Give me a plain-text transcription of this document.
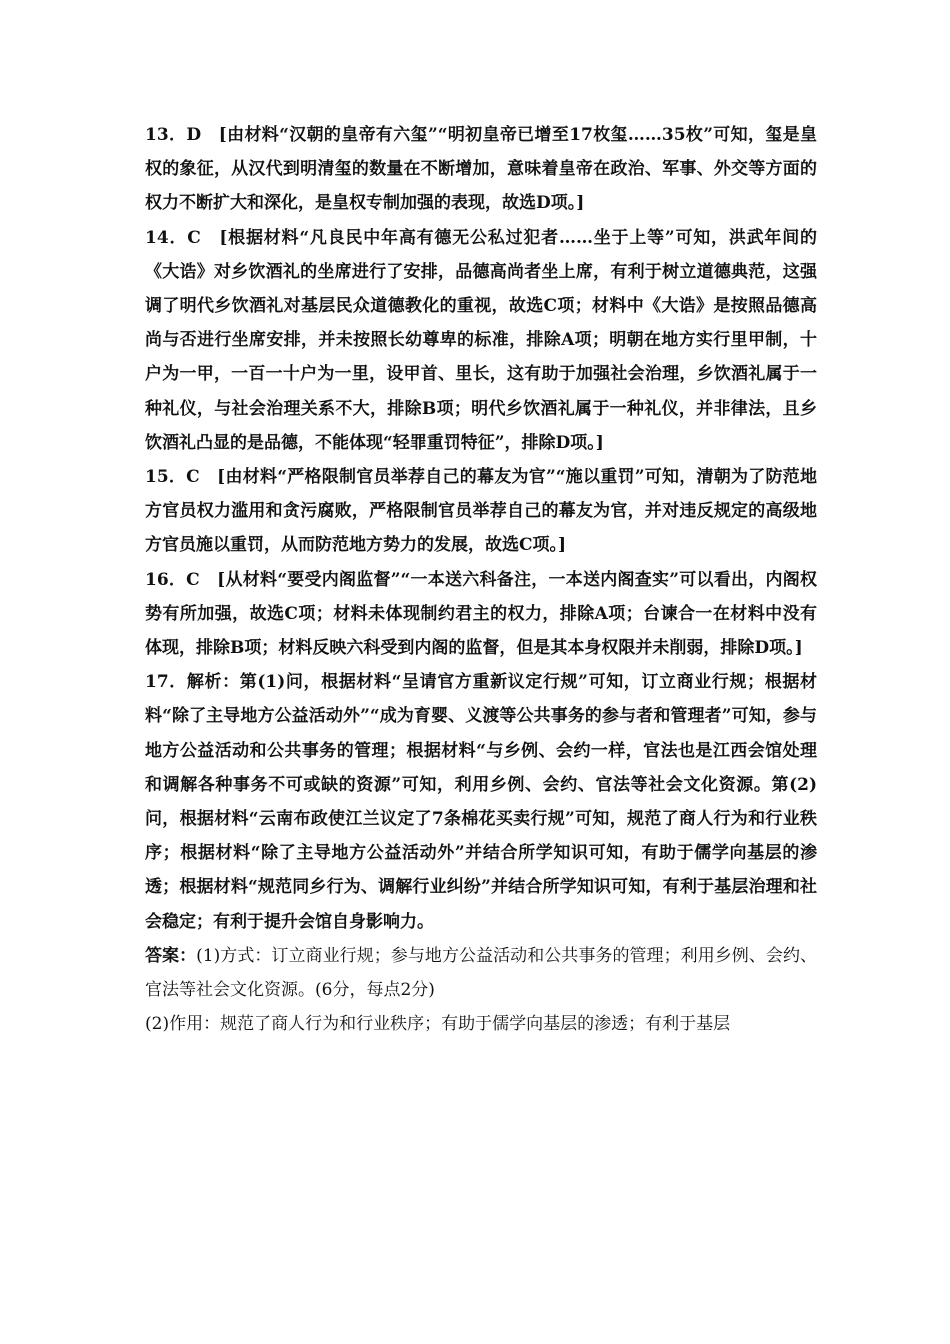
13．D　[由材料“汉朝的皇帝有六玺”“明初皇帝已增至17枚玺……35枚”可知，玺是皇权的象征，从汉代到明清玺的数量在不断增加，意味着皇帝在政治、军事、外交等方面的权力不断扩大和深化，是皇权专制加强的表现，故选D项。]

14．C　[根据材料“凡良民中年高有德无公私过犯者……坐于上等”可知，洪武年间的《大诰》对乡饮酒礼的坐席进行了安排，品德高尚者坐上席，有利于树立道德典范，这强调了明代乡饮酒礼对基层民众道德教化的重视，故选C项；材料中《大诰》是按照品德高尚与否进行坐席安排，并未按照长幼尊卑的标准，排除A项；明朝在地方实行里甲制，十户为一甲，一百一十户为一里，设甲首、里长，这有助于加强社会治理，乡饮酒礼属于一种礼仪，与社会治理关系不大，排除B项；明代乡饮酒礼属于一种礼仪，并非律法，且乡饮酒礼凸显的是品德，不能体现“轻罪重罚特征”，排除D项。]

15．C　[由材料“严格限制官员举荐自己的幕友为官”“施以重罚”可知，清朝为了防范地方官员权力滥用和贪污腐败，严格限制官员举荐自己的幕友为官，并对违反规定的高级地方官员施以重罚，从而防范地方势力的发展，故选C项。]

16．C　[从材料“要受内阁监督”“一本送六科备注，一本送内阁查实”可以看出，内阁权势有所加强，故选C项；材料未体现制约君主的权力，排除A项；台谏合一在材料中没有体现，排除B项；材料反映六科受到内阁的监督，但是其本身权限并未削弱，排除D项。]

17．解析：第(1)问，根据材料“呈请官方重新议定行规”可知，订立商业行规；根据材料“除了主导地方公益活动外”“成为育婴、义渡等公共事务的参与者和管理者”可知，参与地方公益活动和公共事务的管理；根据材料“与乡例、会约一样，官法也是江西会馆处理和调解各种事务不可或缺的资源”可知，利用乡例、会约、官法等社会文化资源。第(2)问，根据材料“云南布政使江兰议定了7条棉花买卖行规”可知，规范了商人行为和行业秩序；根据材料“除了主导地方公益活动外”并结合所学知识可知，有助于儒学向基层的渗透；根据材料“规范同乡行为、调解行业纠纷”并结合所学知识可知，有利于基层治理和社会稳定；有利于提升会馆自身影响力。

答案：(1)方式：订立商业行规；参与地方公益活动和公共事务的管理；利用乡例、会约、官法等社会文化资源。(6分，每点2分)

(2)作用：规范了商人行为和行业秩序；有助于儒学向基层的渗透；有利于基层
